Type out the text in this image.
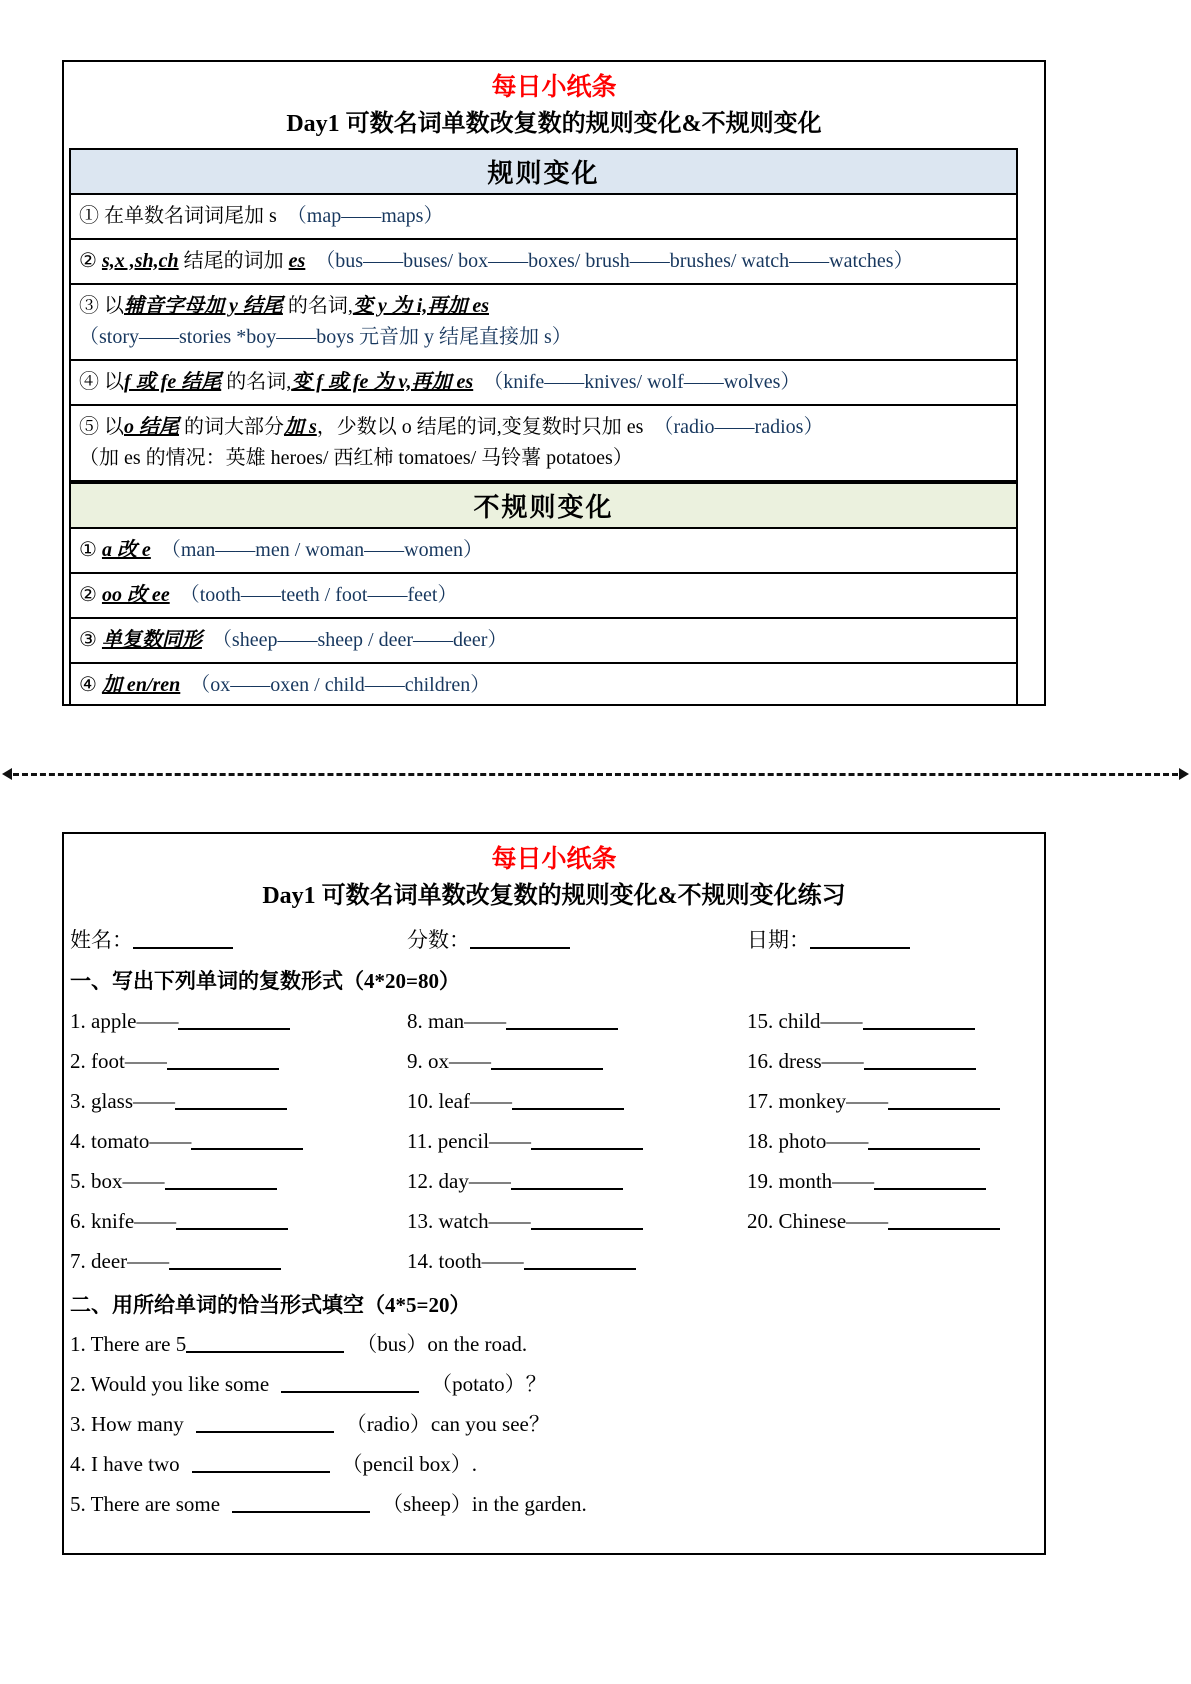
每日小纸条
Day1 可数名词单数改复数的规则变化&不规则变化
规则变化
① 在单数名词词尾加 s （map——maps）
② s,x ,sh,ch 结尾的词加 es （bus——buses/ box——boxes/ brush——brushes/ watch——watches）
③ 以辅音字母加 y 结尾 的名词,变 y 为 i,再加 es
（story——stories *boy——boys 元音加 y 结尾直接加 s）
④ 以f 或 fe 结尾 的名词,变 f 或 fe 为 v,再加 es （knife——knives/ wolf——wolves）
⑤ 以o 结尾 的词大部分加 s，少数以 o 结尾的词,变复数时只加 es （radio——radios）
（加 es 的情况：英雄 heroes/ 西红柿 tomatoes/ 马铃薯 potatoes）
不规则变化
① a 改 e （man——men / woman——women）
② oo 改 ee （tooth——teeth / foot——feet）
③ 单复数同形 （sheep——sheep / deer——deer）
④ 加 en/ren （ox——oxen / child——children）
每日小纸条
Day1 可数名词单数改复数的规则变化&不规则变化练习
姓名：	分数：	日期：
一、写出下列单词的复数形式（4*20=80）
1. apple——
2. foot——
3. glass——
4. tomato——
5. box——
6. knife——
7. deer——
8. man——
9. ox——
10. leaf——
11. pencil——
12. day——
13. watch——
14. tooth——
15. child——
16. dress——
17. monkey——
18. photo——
19. month——
20. Chinese——
二、用所给单词的恰当形式填空（4*5=20）
1. There are 5	（bus）on the road.
2. Would you like some	（potato）？
3. How many	（radio）can you see？
4. I have two	（pencil box）.
5. There are some	（sheep）in the garden.
